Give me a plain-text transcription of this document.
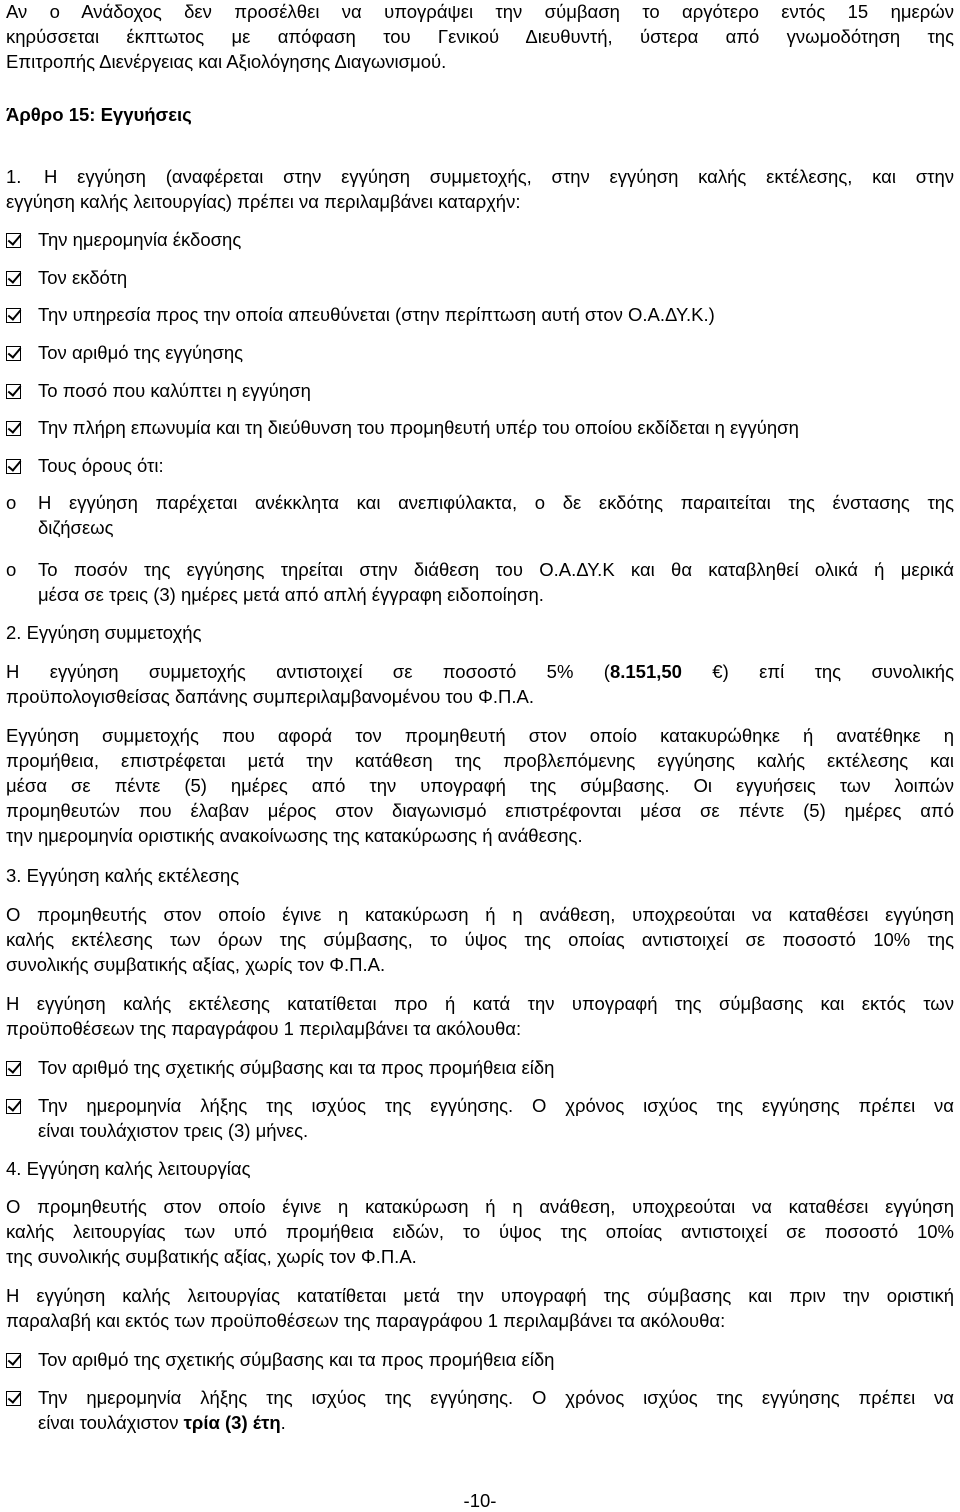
Αν ο Ανάδοχος δεν προσέλθει να υπογράψει την σύμβαση το αργότερο εντός 15 ημερών
κηρύσσεται έκπτωτος με απόφαση του Γενικού Διευθυντή, ύστερα από γνωμοδότηση της
Επιτροπής Διενέργειας και Αξιολόγησης Διαγωνισμού.
Άρθρο 15: Εγγυήσεις
1.	Η εγγύηση (αναφέρεται στην εγγύηση συμμετοχής, στην εγγύηση καλής εκτέλεσης, και στην
εγγύηση καλής λειτουργίας) πρέπει να περιλαμβάνει καταρχήν:
Την ημερομηνία έκδοσης
Τον εκδότη
Την υπηρεσία προς την οποία απευθύνεται (στην περίπτωση αυτή στον Ο.Α.ΔΥ.Κ.)
Τον αριθμό της εγγύησης
Το ποσό που καλύπτει η εγγύηση
Την πλήρη επωνυμία και τη διεύθυνση του προμηθευτή υπέρ του οποίου εκδίδεται η εγγύηση
Τους όρους ότι:
o Η εγγύηση παρέχεται ανέκκλητα και ανεπιφύλακτα, ο δε εκδότης παραιτείται της ένστασης της
διζήσεως
o Το ποσόν της εγγύησης τηρείται στην διάθεση του Ο.Α.ΔΥ.Κ και θα καταβληθεί ολικά ή μερικά
μέσα σε τρεις (3) ημέρες μετά από απλή έγγραφη ειδοποίηση.
2. Εγγύηση συμμετοχής
Η εγγύηση συμμετοχής αντιστοιχεί σε ποσοστό 5% (8.151,50 €) επί της συνολικής
προϋπολογισθείσας δαπάνης συμπεριλαμβανομένου του Φ.Π.Α.
Εγγύηση συμμετοχής που αφορά τον προμηθευτή στον οποίο κατακυρώθηκε ή ανατέθηκε η
προμήθεια, επιστρέφεται μετά την κατάθεση της προβλεπόμενης εγγύησης καλής εκτέλεσης και
μέσα σε πέντε (5) ημέρες από την υπογραφή της σύμβασης. Οι εγγυήσεις των λοιπών
προμηθευτών που έλαβαν μέρος στον διαγωνισμό επιστρέφονται μέσα σε πέντε (5) ημέρες από
την ημερομηνία οριστικής ανακοίνωσης της κατακύρωσης ή ανάθεσης.
3. Εγγύηση καλής εκτέλεσης
Ο προμηθευτής στον οποίο έγινε η κατακύρωση ή η ανάθεση, υποχρεούται να καταθέσει εγγύηση
καλής εκτέλεσης των όρων της σύμβασης, το ύψος της οποίας αντιστοιχεί σε ποσοστό 10% της
συνολικής συμβατικής αξίας, χωρίς τον Φ.Π.Α.
Η εγγύηση καλής εκτέλεσης κατατίθεται προ ή κατά την υπογραφή της σύμβασης και εκτός των
προϋποθέσεων της παραγράφου 1 περιλαμβάνει τα ακόλουθα:
Τον αριθμό της σχετικής σύμβασης και τα προς προμήθεια είδη
Την ημερομηνία λήξης της ισχύος της εγγύησης. Ο χρόνος ισχύος της εγγύησης πρέπει να
είναι τουλάχιστον τρεις (3) μήνες.
4. Εγγύηση καλής λειτουργίας
Ο προμηθευτής στον οποίο έγινε η κατακύρωση ή η ανάθεση, υποχρεούται να καταθέσει εγγύηση
καλής λειτουργίας των υπό προμήθεια ειδών, το ύψος της οποίας αντιστοιχεί σε ποσοστό 10%
της συνολικής συμβατικής αξίας, χωρίς τον Φ.Π.Α.
Η εγγύηση καλής λειτουργίας κατατίθεται μετά την υπογραφή της σύμβασης και πριν την οριστική
παραλαβή και εκτός των προϋποθέσεων της παραγράφου 1 περιλαμβάνει τα ακόλουθα:
Τον αριθμό της σχετικής σύμβασης και τα προς προμήθεια είδη
Την ημερομηνία λήξης της ισχύος της εγγύησης. Ο χρόνος ισχύος της εγγύησης πρέπει να
είναι τουλάχιστον τρία (3) έτη.
-10-
